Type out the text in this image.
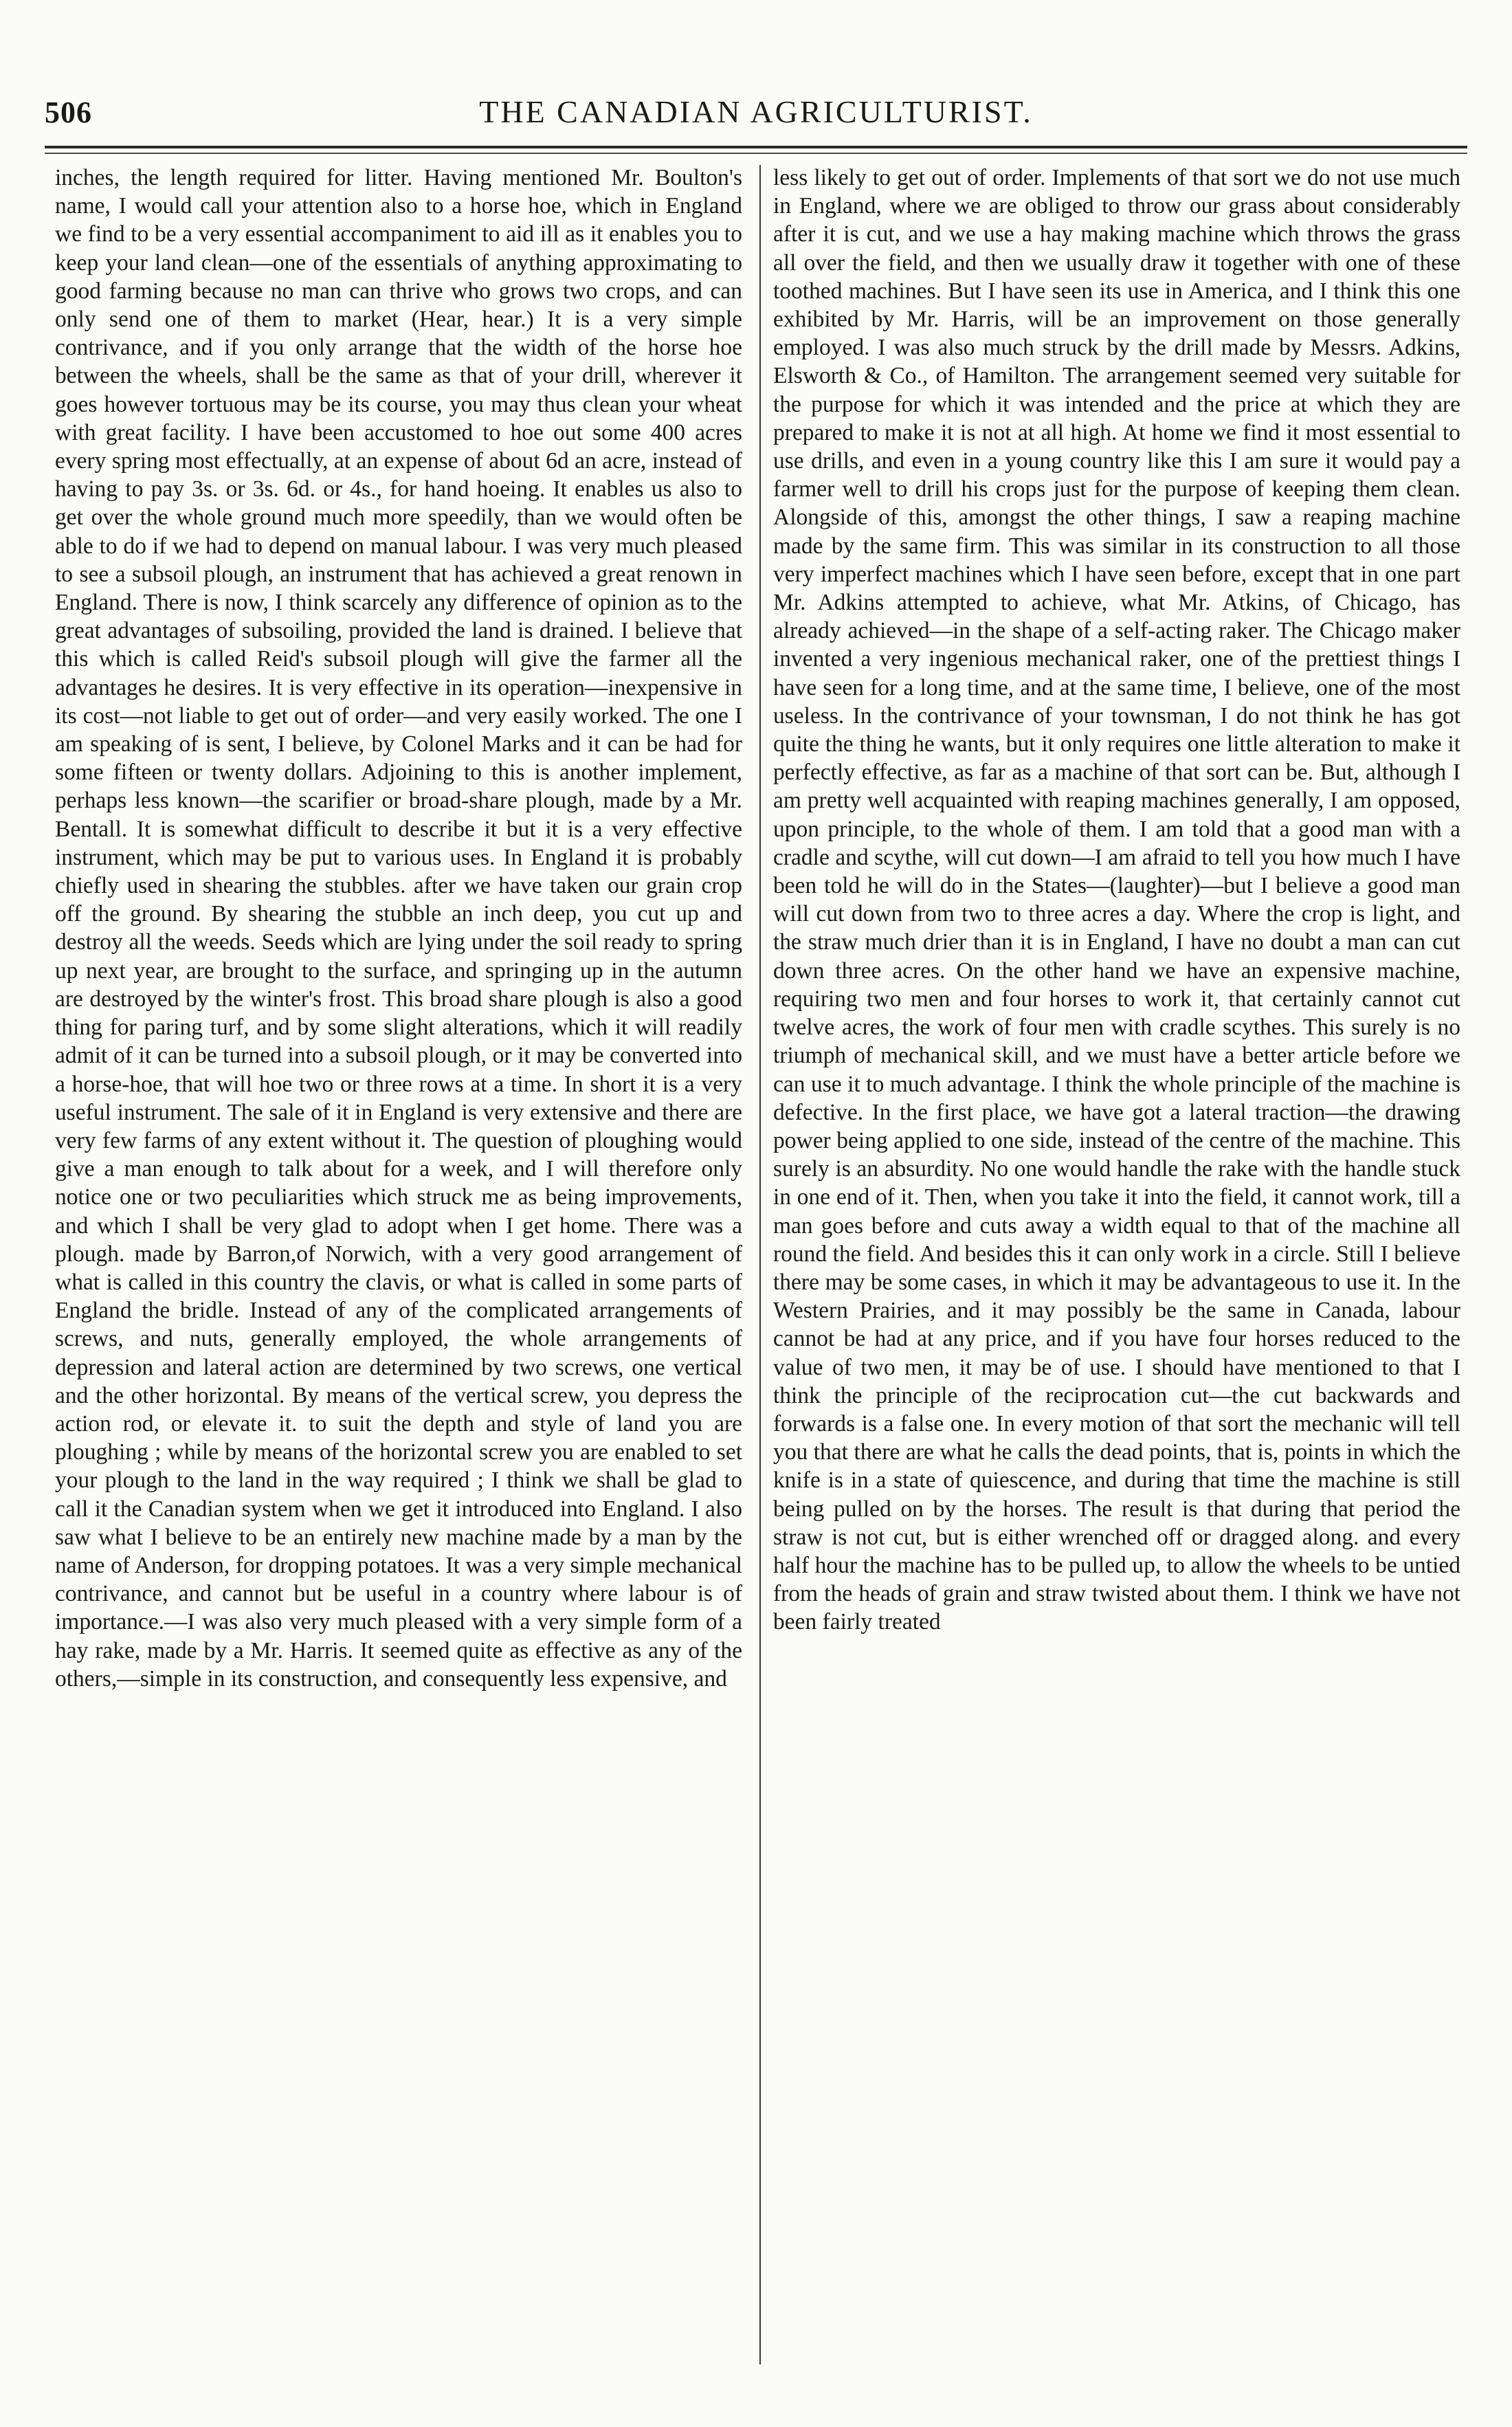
506	THE CANADIAN AGRICULTURIST.

inches, the length required for litter. Having mentioned Mr. Boulton's name, I would call your attention also to a horse hoe, which in England we find to be a very essential accompaniment to aid ill as it enables you to keep your land clean—one of the essentials of anything approximating to good farming because no man can thrive who grows two crops, and can only send one of them to market (Hear, hear.) It is a very simple contrivance, and if you only arrange that the width of the horse hoe between the wheels, shall be the same as that of your drill, wherever it goes however tortuous may be its course, you may thus clean your wheat with great facility. I have been accustomed to hoe out some 400 acres every spring most effectually, at an expense of about 6d an acre, instead of having to pay 3s. or 3s. 6d. or 4s., for hand hoeing. It enables us also to get over the whole ground much more speedily, than we would often be able to do if we had to depend on manual labour. I was very much pleased to see a subsoil plough, an instrument that has achieved a great renown in England. There is now, I think scarcely any difference of opinion as to the great advantages of subsoiling, provided the land is drained. I believe that this which is called Reid's subsoil plough will give the farmer all the advantages he desires. It is very effective in its operation—inexpensive in its cost—not liable to get out of order—and very easily worked. The one I am speaking of is sent, I believe, by Colonel Marks and it can be had for some fifteen or twenty dollars. Adjoining to this is another implement, perhaps less known—the scarifier or broad-share plough, made by a Mr. Bentall. It is somewhat difficult to describe it but it is a very effective instrument, which may be put to various uses. In England it is probably chiefly used in shearing the stubbles. after we have taken our grain crop off the ground. By shearing the stubble an inch deep, you cut up and destroy all the weeds. Seeds which are lying under the soil ready to spring up next year, are brought to the surface, and springing up in the autumn are destroyed by the winter's frost. This broad share plough is also a good thing for paring turf, and by some slight alterations, which it will readily admit of it can be turned into a subsoil plough, or it may be converted into a horse-hoe, that will hoe two or three rows at a time. In short it is a very useful instrument. The sale of it in England is very extensive and there are very few farms of any extent without it. The question of ploughing would give a man enough to talk about for a week, and I will therefore only notice one or two peculiarities which struck me as being improvements, and which I shall be very glad to adopt when I get home. There was a plough. made by Barron,of Norwich, with a very good arrangement of what is called in this country the clavis, or what is called in some parts of England the bridle. Instead of any of the complicated arrangements of screws, and nuts, generally employed, the whole arrangements of depression and lateral action are determined by two screws, one vertical and the other horizontal. By means of the vertical screw, you depress the action rod, or elevate it. to suit the depth and style of land you are ploughing ; while by means of the horizontal screw you are enabled to set your plough to the land in the way required ; I think we shall be glad to call it the Canadian system when we get it introduced into England. I also saw what I believe to be an entirely new machine made by a man by the name of Anderson, for dropping potatoes. It was a very simple mechanical contrivance, and cannot but be useful in a country where labour is of importance.—I was also very much pleased with a very simple form of a hay rake, made by a Mr. Harris. It seemed quite as effective as any of the others,—simple in its construction, and consequently less expensive, and

less likely to get out of order. Implements of that sort we do not use much in England, where we are obliged to throw our grass about considerably after it is cut, and we use a hay making machine which throws the grass all over the field, and then we usually draw it together with one of these toothed machines. But I have seen its use in America, and I think this one exhibited by Mr. Harris, will be an improvement on those generally employed. I was also much struck by the drill made by Messrs. Adkins, Elsworth & Co., of Hamilton. The arrangement seemed very suitable for the purpose for which it was intended and the price at which they are prepared to make it is not at all high. At home we find it most essential to use drills, and even in a young country like this I am sure it would pay a farmer well to drill his crops just for the purpose of keeping them clean. Alongside of this, amongst the other things, I saw a reaping machine made by the same firm. This was similar in its construction to all those very imperfect machines which I have seen before, except that in one part Mr. Adkins attempted to achieve, what Mr. Atkins, of Chicago, has already achieved—in the shape of a self-acting raker. The Chicago maker invented a very ingenious mechanical raker, one of the prettiest things I have seen for a long time, and at the same time, I believe, one of the most useless. In the contrivance of your townsman, I do not think he has got quite the thing he wants, but it only requires one little alteration to make it perfectly effective, as far as a machine of that sort can be. But, although I am pretty well acquainted with reaping machines generally, I am opposed, upon principle, to the whole of them. I am told that a good man with a cradle and scythe, will cut down—I am afraid to tell you how much I have been told he will do in the States—(laughter)—but I believe a good man will cut down from two to three acres a day. Where the crop is light, and the straw much drier than it is in England, I have no doubt a man can cut down three acres. On the other hand we have an expensive machine, requiring two men and four horses to work it, that certainly cannot cut twelve acres, the work of four men with cradle scythes. This surely is no triumph of mechanical skill, and we must have a better article before we can use it to much advantage. I think the whole principle of the machine is defective. In the first place, we have got a lateral traction—the drawing power being applied to one side, instead of the centre of the machine. This surely is an absurdity. No one would handle the rake with the handle stuck in one end of it. Then, when you take it into the field, it cannot work, till a man goes before and cuts away a width equal to that of the machine all round the field. And besides this it can only work in a circle. Still I believe there may be some cases, in which it may be advantageous to use it. In the Western Prairies, and it may possibly be the same in Canada, labour cannot be had at any price, and if you have four horses reduced to the value of two men, it may be of use. I should have mentioned to that I think the principle of the reciprocation cut—the cut backwards and forwards is a false one. In every motion of that sort the mechanic will tell you that there are what he calls the dead points, that is, points in which the knife is in a state of quiescence, and during that time the machine is still being pulled on by the horses. The result is that during that period the straw is not cut, but is either wrenched off or dragged along. and every half hour the machine has to be pulled up, to allow the wheels to be untied from the heads of grain and straw twisted about them. I think we have not been fairly treated
